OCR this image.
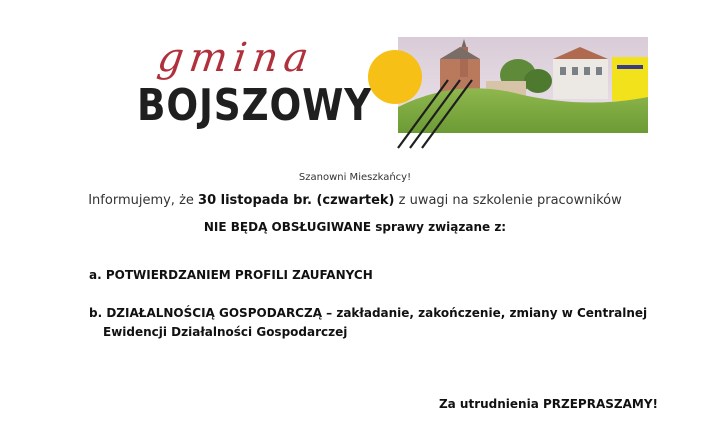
gmina
BOJSZOWY
Szanowni Mieszkańcy!
Informujemy, że 30 listopada br. (czwartek) z uwagi na szkolenie pracowników
NIE BĘDĄ OBSŁUGIWANE sprawy związane z:
a. POTWIERDZANIEM PROFILI ZAUFANYCH
b. DZIAŁALNOŚCIĄ GOSPODARCZĄ – zakładanie, zakończenie, zmiany w Centralnej
Ewidencji Działalności Gospodarczej
Za utrudnienia PRZEPRASZAMY!
